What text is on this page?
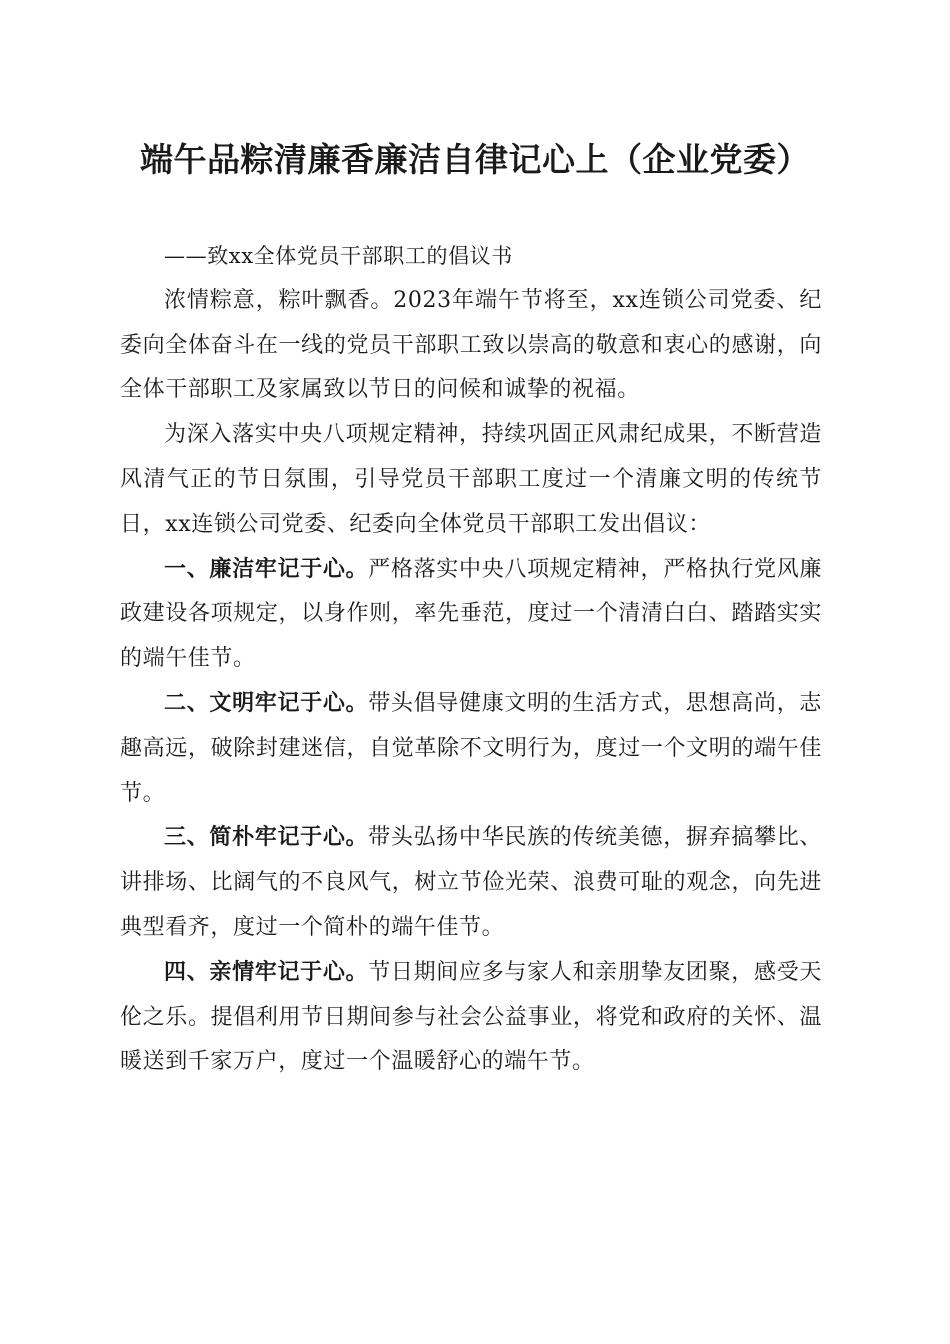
端午品粽清廉香廉洁自律记心上（企业党委）

——致xx全体党员干部职工的倡议书

浓情粽意，粽叶飘香。2023年端午节将至，xx连锁公司党委、纪委向全体奋斗在一线的党员干部职工致以崇高的敬意和衷心的感谢，向全体干部职工及家属致以节日的问候和诚挚的祝福。

为深入落实中央八项规定精神，持续巩固正风肃纪成果，不断营造风清气正的节日氛围，引导党员干部职工度过一个清廉文明的传统节日，xx连锁公司党委、纪委向全体党员干部职工发出倡议：

一、廉洁牢记于心。严格落实中央八项规定精神，严格执行党风廉政建设各项规定，以身作则，率先垂范，度过一个清清白白、踏踏实实的端午佳节。

二、文明牢记于心。带头倡导健康文明的生活方式，思想高尚，志趣高远，破除封建迷信，自觉革除不文明行为，度过一个文明的端午佳节。

三、简朴牢记于心。带头弘扬中华民族的传统美德，摒弃搞攀比、讲排场、比阔气的不良风气，树立节俭光荣、浪费可耻的观念，向先进典型看齐，度过一个简朴的端午佳节。

四、亲情牢记于心。节日期间应多与家人和亲朋挚友团聚，感受天伦之乐。提倡利用节日期间参与社会公益事业，将党和政府的关怀、温暖送到千家万户，度过一个温暖舒心的端午节。
